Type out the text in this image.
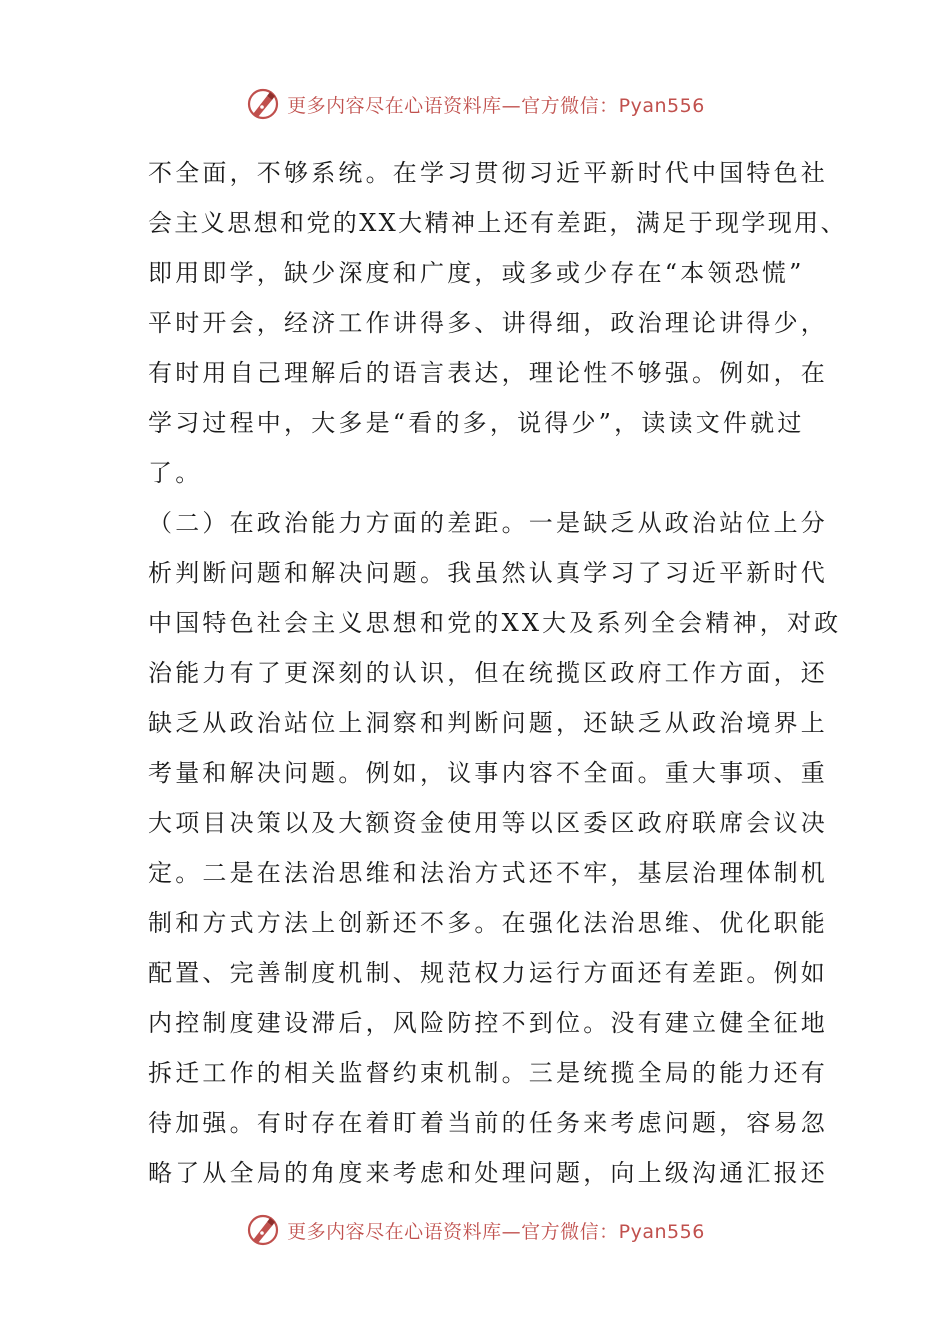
更多内容尽在心语资料库—官方微信：Pyan556
不全面，不够系统。在学习贯彻习近平新时代中国特色社
会主义思想和党的XX大精神上还有差距，满足于现学现用、
即用即学，缺少深度和广度，或多或少存在“本领恐慌”
平时开会，经济工作讲得多、讲得细，政治理论讲得少，
有时用自己理解后的语言表达，理论性不够强。例如，在
学习过程中，大多是“看的多，说得少”，读读文件就过
了。
（二）在政治能力方面的差距。一是缺乏从政治站位上分
析判断问题和解决问题。我虽然认真学习了习近平新时代
中国特色社会主义思想和党的XX大及系列全会精神，对政
治能力有了更深刻的认识，但在统揽区政府工作方面，还
缺乏从政治站位上洞察和判断问题，还缺乏从政治境界上
考量和解决问题。例如，议事内容不全面。重大事项、重
大项目决策以及大额资金使用等以区委区政府联席会议决
定。二是在法治思维和法治方式还不牢，基层治理体制机
制和方式方法上创新还不多。在强化法治思维、优化职能
配置、完善制度机制、规范权力运行方面还有差距。例如
内控制度建设滞后，风险防控不到位。没有建立健全征地
拆迁工作的相关监督约束机制。三是统揽全局的能力还有
待加强。有时存在着盯着当前的任务来考虑问题，容易忽
略了从全局的角度来考虑和处理问题，向上级沟通汇报还
更多内容尽在心语资料库—官方微信：Pyan556
